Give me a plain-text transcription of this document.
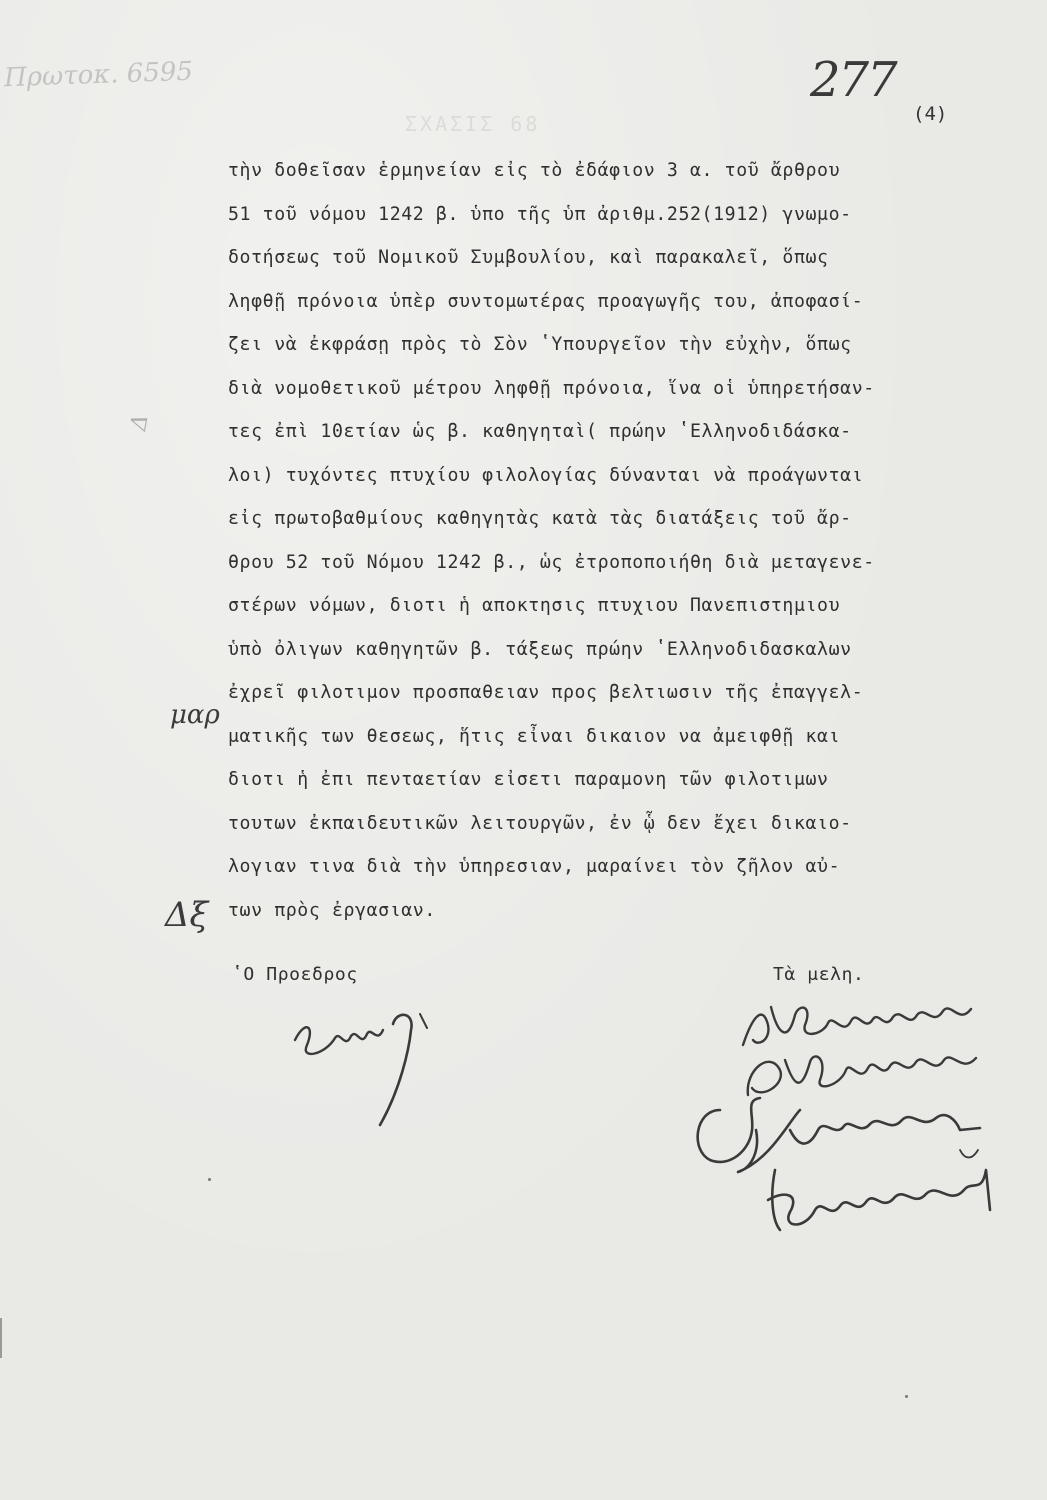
ΣΧΑΣΙΣ 68
Πρωτοκ. 6595	277
(4)
τὴν δοθεῖσαν ἑρμηνείαν εἰς τὸ ἐδάφιον 3 α. τοῦ ἄρθρου
51 τοῦ νόμου 1242 β. ὑπο τῆς ὑπ ἀριθμ.252(1912) γνωμο-
δοτήσεως τοῦ Νομικοῦ Συμβουλίου, καὶ παρακαλεῖ, ὅπως
ληφθῇ πρόνοια ὑπὲρ συντομωτέρας προαγωγῆς του, ἀποφασί-
ζει νὰ ἐκφράσῃ πρὸς τὸ Σὸν ʽΥπουργεῖον τὴν εὐχὴν, ὅπως
διὰ νομοθετικοῦ μέτρου ληφθῇ πρόνοια, ἵνα οἱ ὑπηρετήσαν-
τες ἐπὶ 10ετίαν ὡς β. καθηγηταὶ( πρώην ʽΕλληνοδιδάσκα-
λοι) τυχόντες πτυχίου φιλολογίας δύνανται νὰ προάγωνται
εἰς πρωτοβαθμίους καθηγητὰς κατὰ τὰς διατάξεις τοῦ ἄρ-
θρου 52 τοῦ Νόμου 1242 β., ὡς ἐτροποποιήθη διὰ μεταγενε-
στέρων νόμων, διοτι ἡ αποκτησις πτυχιου Πανεπιστημιου
ὑπὸ ὀλιγων καθηγητῶν β. τάξεως πρώην ʽΕλληνοδιδασκαλων
ἐχρεῖ φιλοτιμον προσπαθειαν προς βελτιωσιν τῆς ἐπαγγελ-
ματικῆς των θεσεως, ἥτις εἶναι δικαιον να ἀμειφθῇ και
διοτι ἡ ἐπι πενταετίαν εἰσετι παραμονη τῶν φιλοτιμων
τουτων ἐκπαιδευτικῶν λειτουργῶν, ἐν ᾧ δεν ἔχει δικαιο-
λογιαν τινα διὰ τὴν ὑπηρεσιαν, μαραίνει τὸν ζῆλον αὐ-
των πρὸς ἐργασιαν.
μαρ
Δ
Δξ
ʽΟ Προεδρος	Τὰ μελη.
